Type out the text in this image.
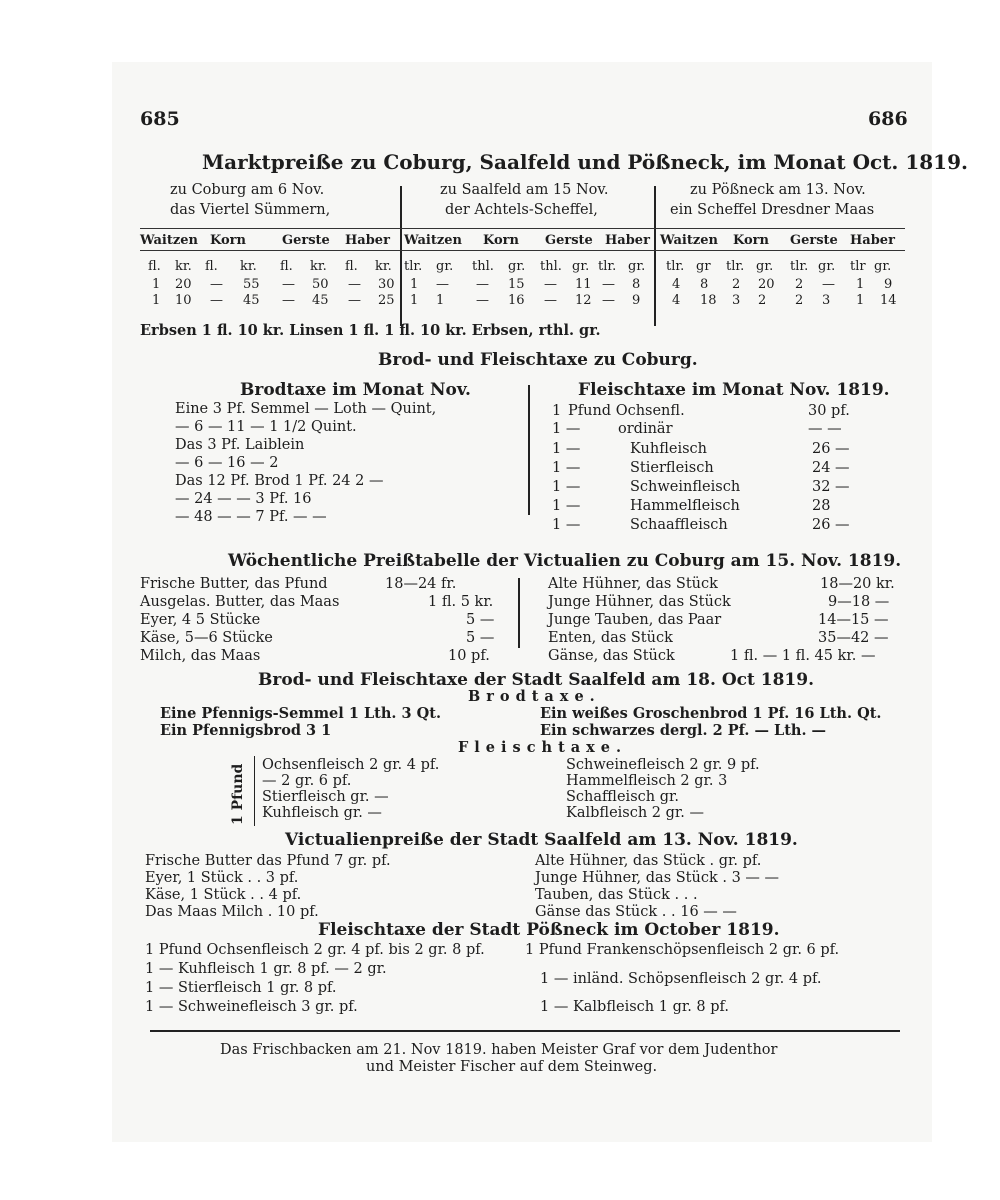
685	686
Marktpreiße zu Coburg, Saalfeld und Pößneck, im Monat Oct. 1819.
zu Coburg am 6 Nov.
das Viertel Sümmern,
zu Saalfeld am 15 Nov.
der Achtels-Scheffel,
zu Pößneck am 13. Nov.
ein Scheffel Dresdner Maas
Waitzen Korn	Gerste Haber
fl. kr. fl. kr. fl. kr. fl. kr.
1 20 — 55 — 50 — 30
1 10 — 45 — 45 — 25
Waitzen Korn Gerste Haber
tlr. gr. thl. gr. thl. gr. tlr. gr.
1 — — 15 — 11 — 8
1 1 — 16 — 12 — 9
Waitzen Korn Gerste Haber
tlr. gr tlr. gr. tlr. gr. tlr gr.
4 8 2 20 2 — 1 9
4 18 3 2 2 3 1 14
Erbsen 1 fl. 10 kr. Linsen 1 fl. 1 fl. 10 kr. Erbsen, rthl. gr.
Brod- und Fleischtaxe zu Coburg.
Brodtaxe im Monat Nov.
Eine 3 Pf. Semmel — Loth — Quint,
— 6 — 11 — 1 1/2 Quint.
Das 3 Pf. Laiblein
— 6 — 16 — 2
Das 12 Pf. Brod 1 Pf. 24 2 —
— 24 — — 3 Pf. 16
— 48 — — 7 Pf. — —
Fleischtaxe im Monat Nov. 1819.
1 Pfund Ochsenfl.	30 pf.
1 —	ordinär	— —
1 —	Kuhfleisch	26 —
1 —	Stierfleisch	24 —
1 —	Schweinfleisch	32 —
1 —	Hammelfleisch	28
1 —	Schaaffleisch	26 —
Wöchentliche Preißtabelle der Victualien zu Coburg am 15. Nov. 1819.
Frische Butter, das Pfund	18—24 fr.
Ausgelas. Butter, das Maas	1 fl. 5 kr.
Eyer, 4 5 Stücke	5 —
Käse, 5—6 Stücke	5 —
Milch, das Maas	10 pf.
Alte Hühner, das Stück	18—20 kr.
Junge Hühner, das Stück	9—18 —
Junge Tauben, das Paar	14—15 —
Enten, das Stück	35—42 —
Gänse, das Stück	1 fl. — 1 fl. 45 kr. —
Brod- und Fleischtaxe der Stadt Saalfeld am 18. Oct 1819.
Brodtaxe.
Eine Pfennigs-Semmel 1 Lth. 3 Qt.
Ein Pfennigsbrod 3 1
Ein weißes Groschenbrod 1 Pf. 16 Lth. Qt.
Ein schwarzes dergl. 2 Pf. — Lth. —
Fleischtaxe.
1 Pfund Ochsenfleisch 2 gr. 4 pf.
— 2 gr. 6 pf.
Stierfleisch gr. —
Kuhfleisch gr. —
Schweinefleisch 2 gr. 9 pf.
Hammelfleisch 2 gr. 3
Schaffleisch gr.
Kalbfleisch 2 gr. —
Victualienpreiße der Stadt Saalfeld am 13. Nov. 1819.
Frische Butter das Pfund 7 gr. pf.
Eyer, 1 Stück . . 3 pf.
Käse, 1 Stück . . 4 pf.
Das Maas Milch . 10 pf.
Alte Hühner, das Stück . gr. pf.
Junge Hühner, das Stück . 3 — —
Tauben, das Stück . . .
Gänse das Stück . . 16 — —
Fleischtaxe der Stadt Pößneck im October 1819.
1 Pfund Ochsenfleisch 2 gr. 4 pf. bis 2 gr. 8 pf.
1 — Kuhfleisch 1 gr. 8 pf. — 2 gr.
1 — Stierfleisch 1 gr. 8 pf.
1 — Schweinefleisch 3 gr. pf.
1 Pfund Frankenschöpsenfleisch 2 gr. 6 pf.
1 — inländ. Schöpsenfleisch 2 gr. 4 pf.
1 — Kalbfleisch 1 gr. 8 pf.
Das Frischbacken am 21. Nov 1819. haben Meister Graf vor dem Judenthor
und Meister Fischer auf dem Steinweg.
